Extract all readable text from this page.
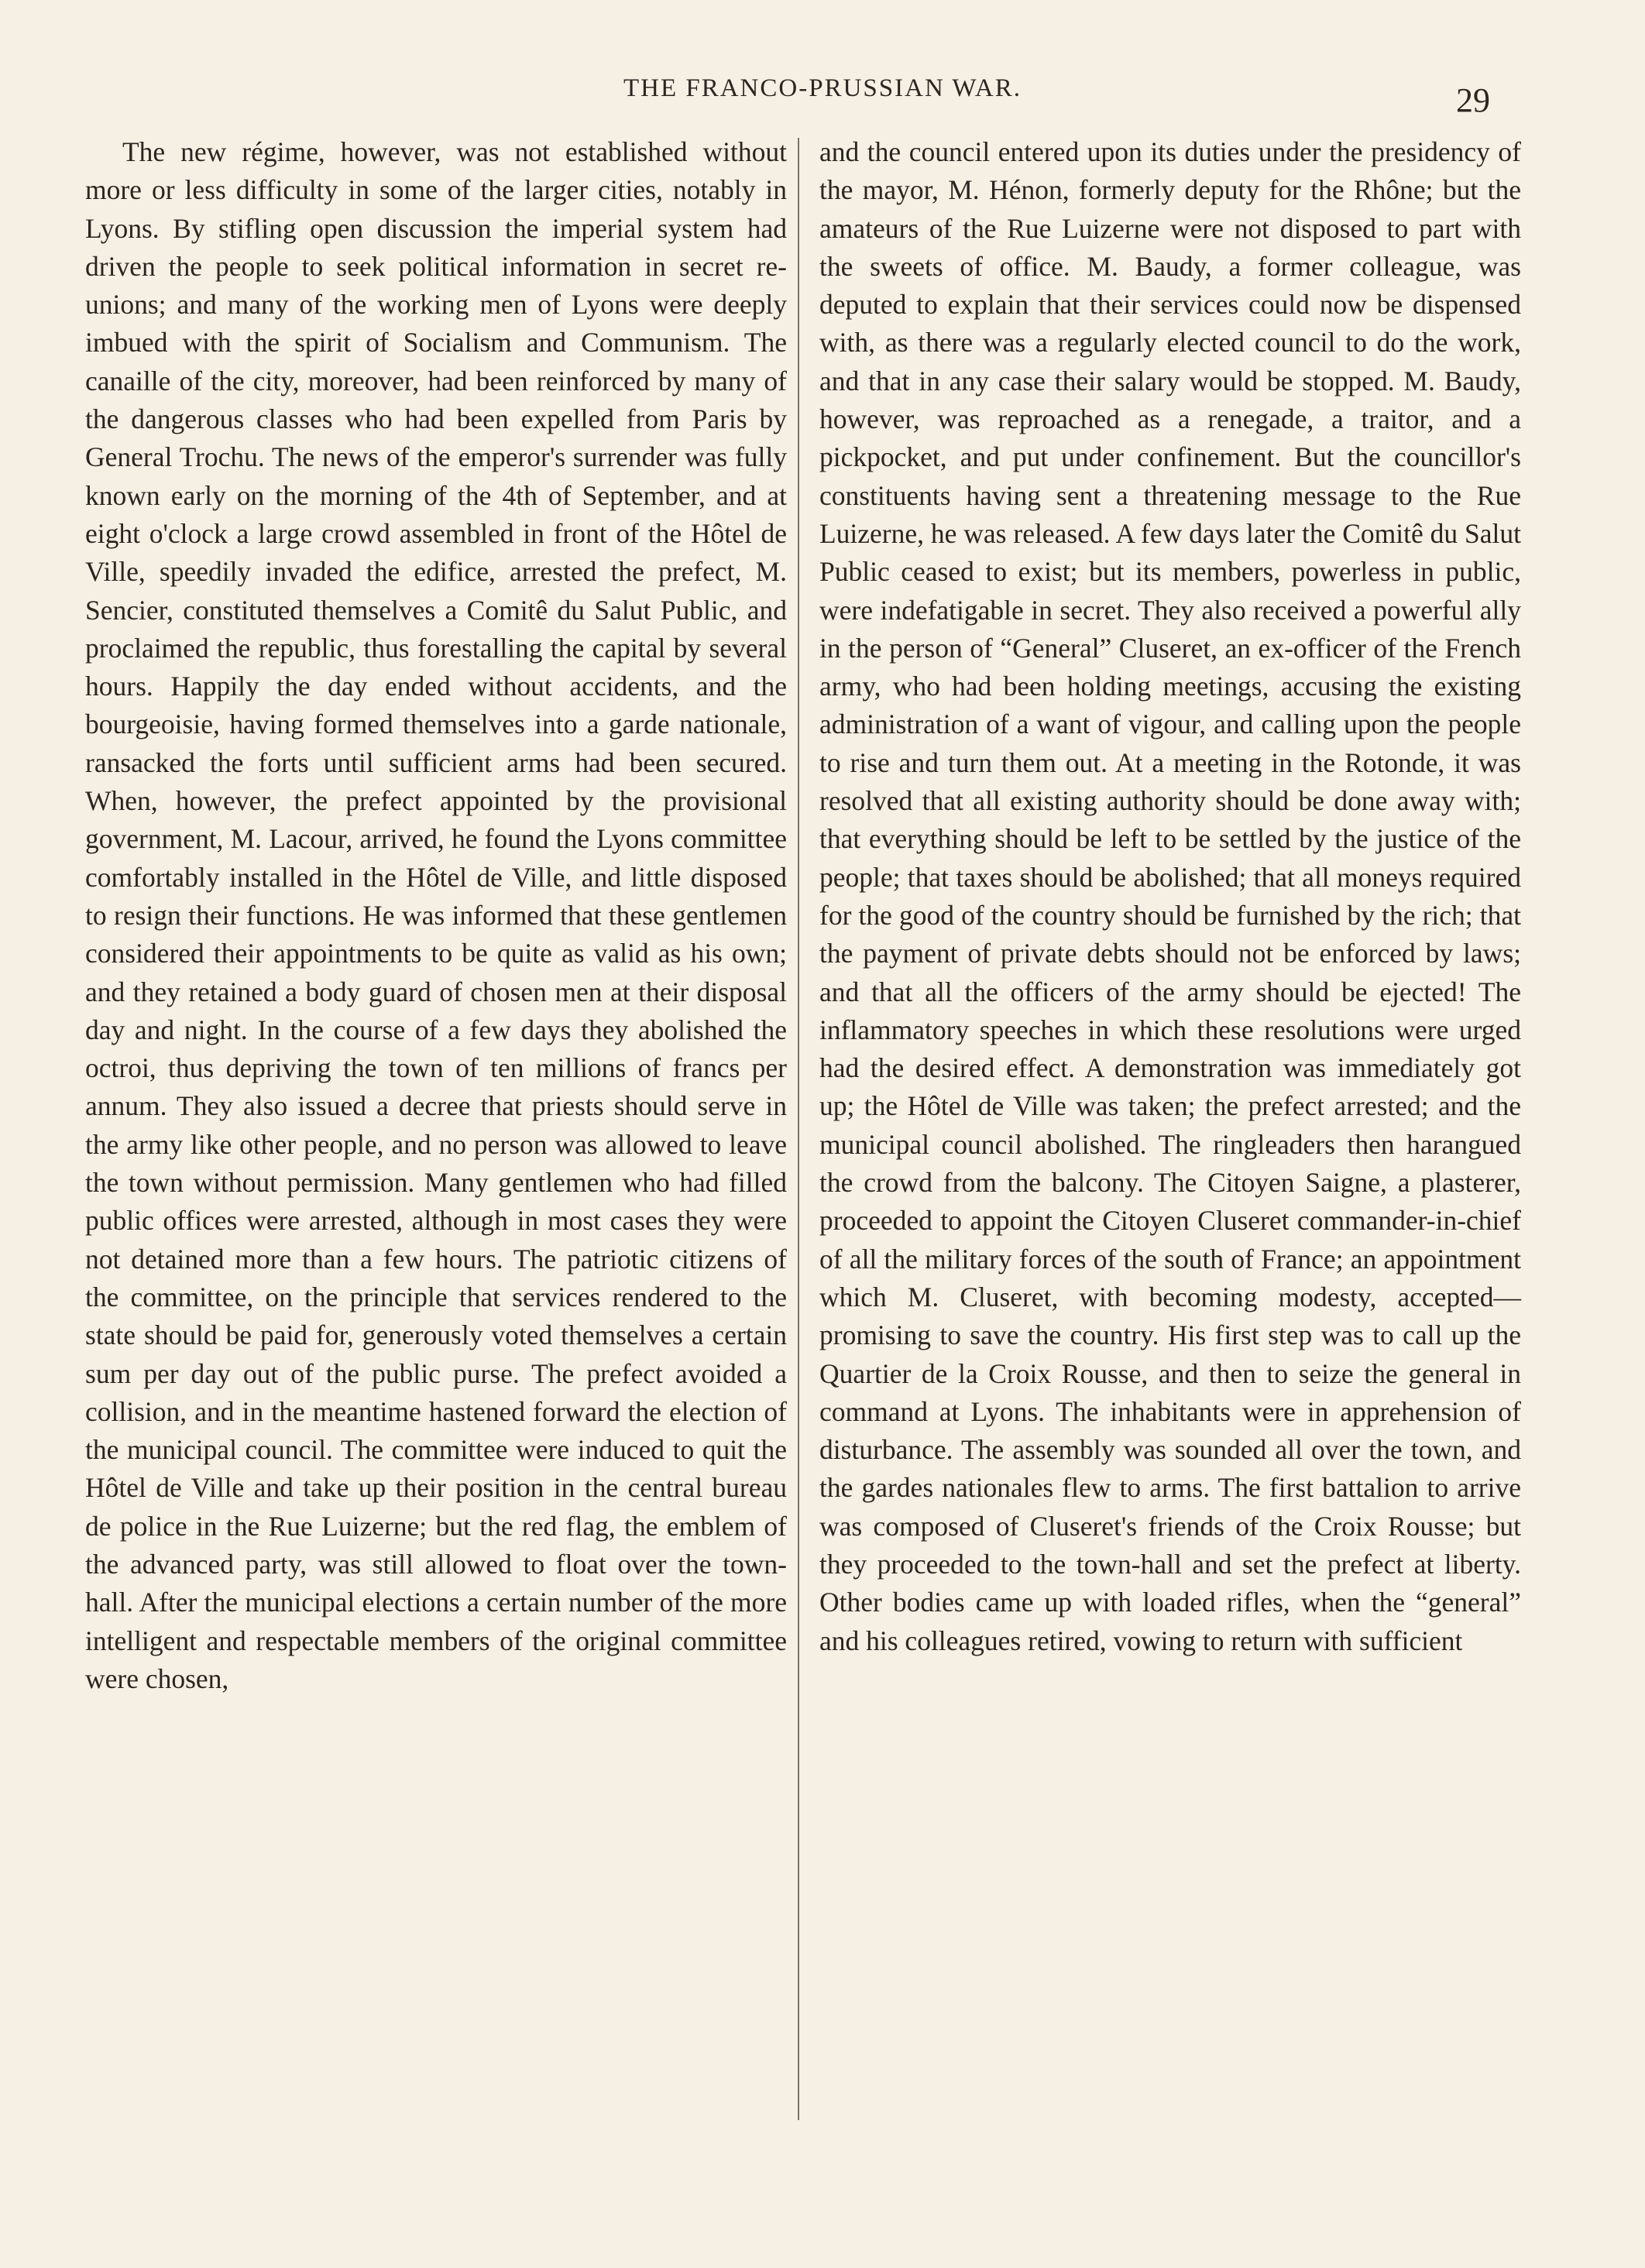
THE FRANCO-PRUSSIAN WAR.	29

The new régime, however, was not established without more or less difficulty in some of the larger cities, notably in Lyons. By stifling open discussion the imperial system had driven the people to seek political information in secret reunions; and many of the working men of Lyons were deeply imbued with the spirit of Socialism and Communism. The canaille of the city, moreover, had been reinforced by many of the dangerous classes who had been expelled from Paris by General Trochu. The news of the emperor's surrender was fully known early on the morning of the 4th of September, and at eight o'clock a large crowd assembled in front of the Hôtel de Ville, speedily invaded the edifice, arrested the prefect, M. Sencier, constituted themselves a Comitê du Salut Public, and proclaimed the republic, thus forestalling the capital by several hours. Happily the day ended without accidents, and the bourgeoisie, having formed themselves into a garde nationale, ransacked the forts until sufficient arms had been secured. When, however, the prefect appointed by the provisional government, M. Lacour, arrived, he found the Lyons committee comfortably installed in the Hôtel de Ville, and little disposed to resign their functions. He was informed that these gentlemen considered their appointments to be quite as valid as his own; and they retained a body guard of chosen men at their disposal day and night. In the course of a few days they abolished the octroi, thus depriving the town of ten millions of francs per annum. They also issued a decree that priests should serve in the army like other people, and no person was allowed to leave the town without permission. Many gentlemen who had filled public offices were arrested, although in most cases they were not detained more than a few hours. The patriotic citizens of the committee, on the principle that services rendered to the state should be paid for, generously voted themselves a certain sum per day out of the public purse. The prefect avoided a collision, and in the meantime hastened forward the election of the municipal council. The committee were induced to quit the Hôtel de Ville and take up their position in the central bureau de police in the Rue Luizerne; but the red flag, the emblem of the advanced party, was still allowed to float over the town-hall. After the municipal elections a certain number of the more intelligent and respectable members of the original committee were chosen,

and the council entered upon its duties under the presidency of the mayor, M. Hénon, formerly deputy for the Rhône; but the amateurs of the Rue Luizerne were not disposed to part with the sweets of office. M. Baudy, a former colleague, was deputed to explain that their services could now be dispensed with, as there was a regularly elected council to do the work, and that in any case their salary would be stopped. M. Baudy, however, was reproached as a renegade, a traitor, and a pickpocket, and put under confinement. But the councillor's constituents having sent a threatening message to the Rue Luizerne, he was released. A few days later the Comitê du Salut Public ceased to exist; but its members, powerless in public, were indefatigable in secret. They also received a powerful ally in the person of “General” Cluseret, an ex-officer of the French army, who had been holding meetings, accusing the existing administration of a want of vigour, and calling upon the people to rise and turn them out. At a meeting in the Rotonde, it was resolved that all existing authority should be done away with; that everything should be left to be settled by the justice of the people; that taxes should be abolished; that all moneys required for the good of the country should be furnished by the rich; that the payment of private debts should not be enforced by laws; and that all the officers of the army should be ejected! The inflammatory speeches in which these resolutions were urged had the desired effect. A demonstration was immediately got up; the Hôtel de Ville was taken; the prefect arrested; and the municipal council abolished. The ringleaders then harangued the crowd from the balcony. The Citoyen Saigne, a plasterer, proceeded to appoint the Citoyen Cluseret commander-in-chief of all the military forces of the south of France; an appointment which M. Cluseret, with becoming modesty, accepted—promising to save the country. His first step was to call up the Quartier de la Croix Rousse, and then to seize the general in command at Lyons. The inhabitants were in apprehension of disturbance. The assembly was sounded all over the town, and the gardes nationales flew to arms. The first battalion to arrive was composed of Cluseret's friends of the Croix Rousse; but they proceeded to the town-hall and set the prefect at liberty. Other bodies came up with loaded rifles, when the “general” and his colleagues retired, vowing to return with sufficient
